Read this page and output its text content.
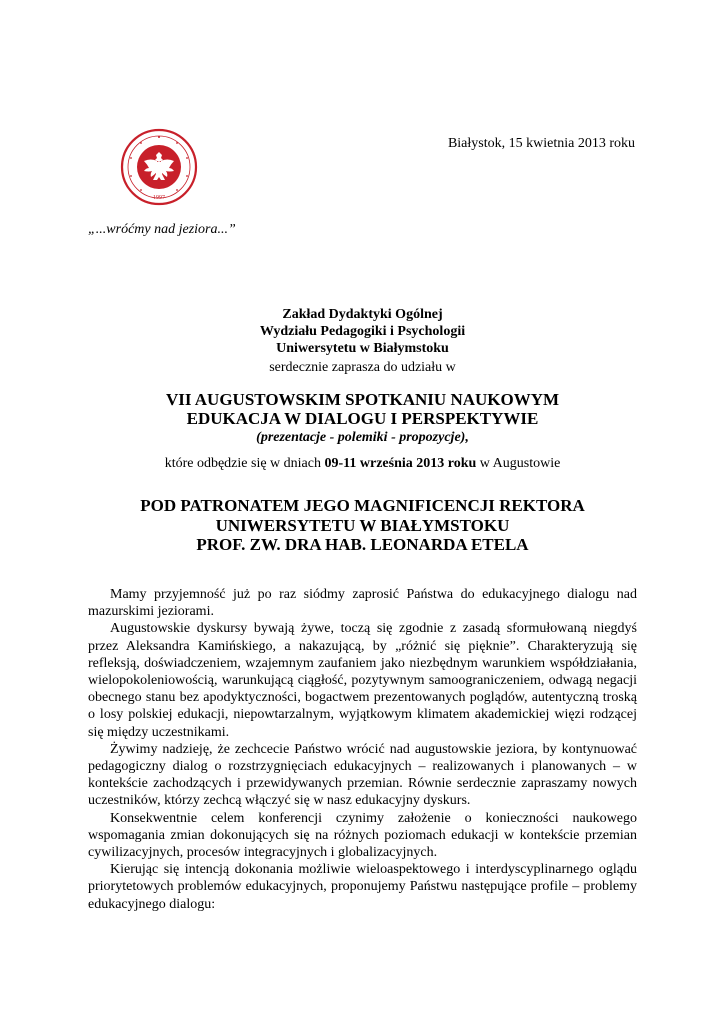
1997
Białystok, 15 kwietnia 2013 roku
„...wróćmy nad jeziora...”
Zakład Dydaktyki Ogólnej
Wydziału Pedagogiki i Psychologii
Uniwersytetu w Białymstoku
serdecznie zaprasza do udziału w
VII AUGUSTOWSKIM SPOTKANIU NAUKOWYM
EDUKACJA W DIALOGU I PERSPEKTYWIE
(prezentacje - polemiki - propozycje),
które odbędzie się w dniach 09-11 września 2013 roku w Augustowie
POD PATRONATEM JEGO MAGNIFICENCJI REKTORA
UNIWERSYTETU W BIAŁYMSTOKU
PROF. ZW. DRA HAB. LEONARDA ETELA

Mamy przyjemność już po raz siódmy zaprosić Państwa do edukacyjnego dialogu nad mazurskimi jeziorami.

Augustowskie dyskursy bywają żywe, toczą się zgodnie z zasadą sformułowaną niegdyś przez Aleksandra Kamińskiego, a nakazującą, by „różnić się pięknie”. Charakteryzują się refleksją, doświadczeniem, wzajemnym zaufaniem jako niezbędnym warunkiem współdziałania, wielopokoleniowością, warunkującą ciągłość, pozytywnym samoograniczeniem, odwagą negacji obecnego stanu bez apodyktyczności, bogactwem prezentowanych poglądów, autentyczną troską o losy polskiej edukacji, niepowtarzalnym, wyjątkowym klimatem akademickiej więzi rodzącej się między uczestnikami.

Żywimy nadzieję, że zechcecie Państwo wrócić nad augustowskie jeziora, by kontynuować pedagogiczny dialog o rozstrzygnięciach edukacyjnych – realizowanych i planowanych – w kontekście zachodzących i przewidywanych przemian. Równie serdecznie zapraszamy nowych uczestników, którzy zechcą włączyć się w nasz edukacyjny dyskurs.

Konsekwentnie celem konferencji czynimy założenie o konieczności naukowego wspomagania zmian dokonujących się na różnych poziomach edukacji w kontekście przemian cywilizacyjnych, procesów integracyjnych i globalizacyjnych.

Kierując się intencją dokonania możliwie wieloaspektowego i interdyscyplinarnego oglądu priorytetowych problemów edukacyjnych, proponujemy Państwu następujące profile – problemy edukacyjnego dialogu:
